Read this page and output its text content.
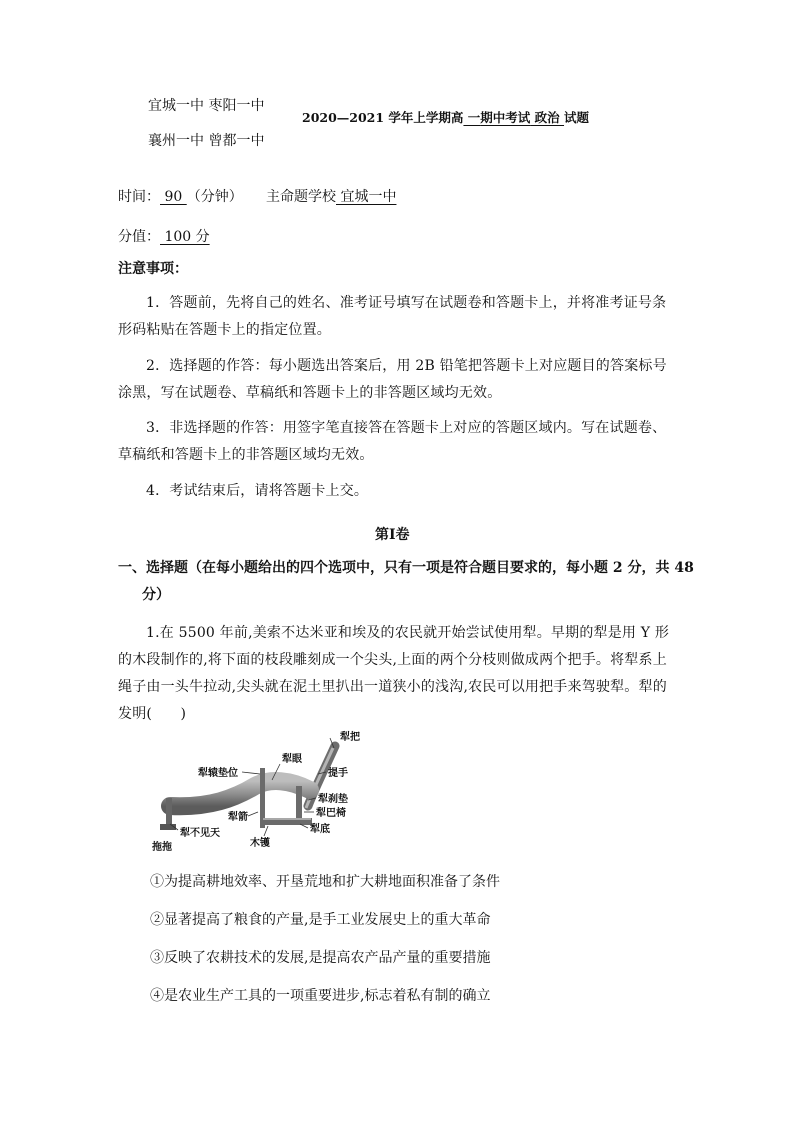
宜城一中 枣阳一中
襄州一中 曾都一中
2020—2021 学年上学期高 一期中考试 政治 试题
时间： 90 （分钟） 主命题学校 宜城一中
分值： 100 分
注意事项：
1．答题前，先将自己的姓名、准考证号填写在试题卷和答题卡上，并将准考证号条形码粘贴在答题卡上的指定位置。
2．选择题的作答：每小题选出答案后，用 2B 铅笔把答题卡上对应题目的答案标号涂黑，写在试题卷、草稿纸和答题卡上的非答题区域均无效。
3．非选择题的作答：用签字笔直接答在答题卡上对应的答题区域内。写在试题卷、草稿纸和答题卡上的非答题区域均无效。
4．考试结束后，请将答题卡上交。
第Ⅰ卷
一、选择题（在每小题给出的四个选项中，只有一项是符合题目要求的，每小题 2 分，共 48 分）
1.在 5500 年前,美索不达米亚和埃及的农民就开始尝试使用犁。早期的犁是用 Y 形的木段制作的,将下面的枝段雕刻成一个尖头,上面的两个分枝则做成两个把手。将犁系上绳子由一头牛拉动,尖头就在泥土里扒出一道狭小的浅沟,农民可以用把手来驾驶犁。犁的发明(　　)
犁把
提手
犁眼
犁辕垫位
犁刹垫
犁巴椅
犁底
犁箭
犁不见天
木镬
拖拖
①为提高耕地效率、开垦荒地和扩大耕地面积准备了条件
②显著提高了粮食的产量,是手工业发展史上的重大革命
③反映了农耕技术的发展,是提高农产品产量的重要措施
④是农业生产工具的一项重要进步,标志着私有制的确立
